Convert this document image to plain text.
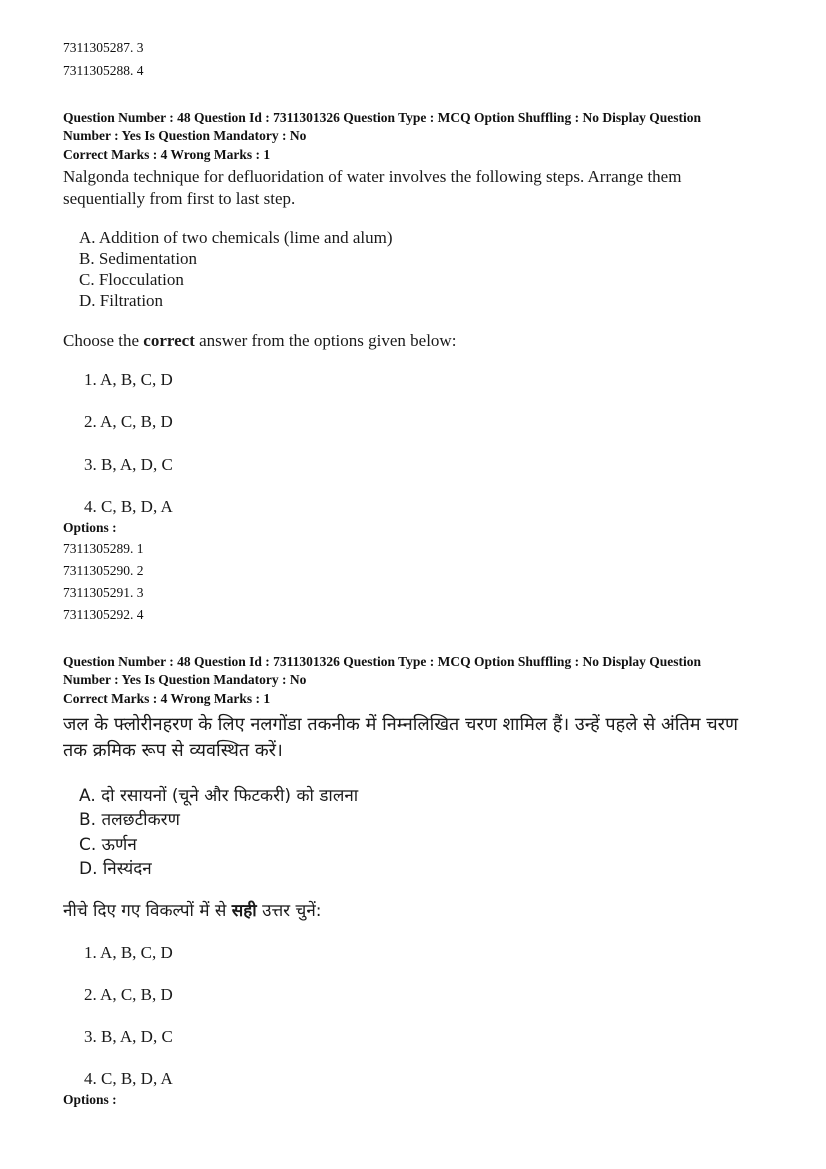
7311305287. 3
7311305288. 4
Question Number : 48 Question Id : 7311301326 Question Type : MCQ Option Shuffling : No Display Question
Number : Yes Is Question Mandatory : No
Correct Marks : 4 Wrong Marks : 1
Nalgonda technique for defluoridation of water involves the following steps. Arrange them
sequentially from first to last step.
A. Addition of two chemicals (lime and alum)
B. Sedimentation
C. Flocculation
D. Filtration
Choose the correct answer from the options given below:
1. A, B, C, D
2. A, C, B, D
3. B, A, D, C
4. C, B, D, A
Options :
7311305289. 1
7311305290. 2
7311305291. 3
7311305292. 4
Question Number : 48 Question Id : 7311301326 Question Type : MCQ Option Shuffling : No Display Question
Number : Yes Is Question Mandatory : No
Correct Marks : 4 Wrong Marks : 1
जल के फ्लोरीनहरण के लिए नलगोंडा तकनीक में निम्नलिखित चरण शामिल हैं। उन्हें पहले से अंतिम चरण
तक क्रमिक रूप से व्यवस्थित करें।
A. दो रसायनों (चूने और फिटकरी) को डालना
B. तलछटीकरण
C. ऊर्णन
D. निस्यंदन
नीचे दिए गए विकल्पों में से सही उत्तर चुनें:
1. A, B, C, D
2. A, C, B, D
3. B, A, D, C
4. C, B, D, A
Options :
